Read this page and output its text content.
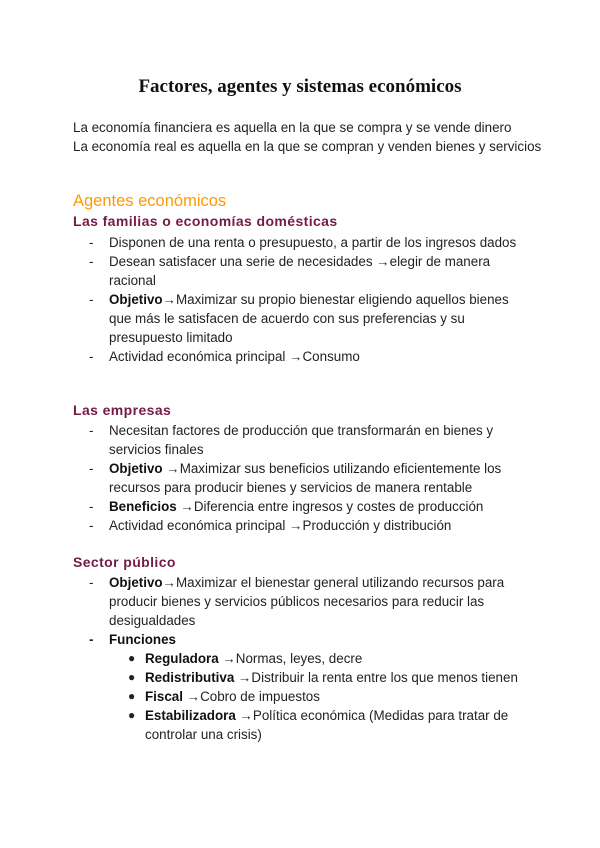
Factores, agentes y sistemas económicos

La economía financiera es aquella en la que se compra y se vende dinero

La economía real es aquella en la que se compran y venden bienes y servicios

Agentes económicos
Las familias o economías domésticas
- Disponen de una renta o presupuesto, a partir de los ingresos dados
- Desean satisfacer una serie de necesidades →elegir de manera racional
- Objetivo→Maximizar su propio bienestar eligiendo aquellos bienes que más le satisfacen de acuerdo con sus preferencias y su presupuesto limitado
- Actividad económica principal →Consumo
Las empresas
- Necesitan factores de producción que transformarán en bienes y servicios finales
- Objetivo →Maximizar sus beneficios utilizando eficientemente los recursos para producir bienes y servicios de manera rentable
- Beneficios →Diferencia entre ingresos y costes de producción
- Actividad económica principal →Producción y distribución
Sector público
- Objetivo→Maximizar el bienestar general utilizando recursos para producir bienes y servicios públicos necesarios para reducir las desigualdades
- Funciones
● Reguladora →Normas, leyes, decre
● Redistributiva →Distribuir la renta entre los que menos tienen
● Fiscal →Cobro de impuestos
● Estabilizadora →Política económica (Medidas para tratar de controlar una crisis)
